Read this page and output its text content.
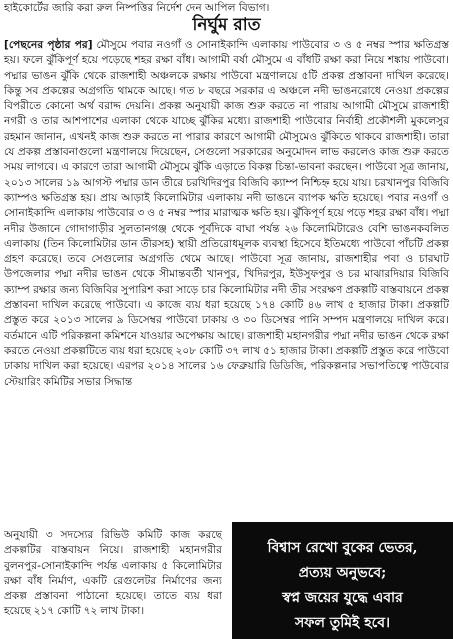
হাইকোর্টের জারি করা রুল নিষ্পত্তির নির্দেশ দেন আপিল বিভাগ।
নির্ঘুম রাত

[পেছনের পৃষ্ঠার পর] মৌসুমে পবার নওগাঁ ও সোনাইকান্দি এলাকায় পাউবোর ৩ ও ৫ নম্বর স্পার ক্ষতিগ্রস্ত হয়। ফলে ঝুঁকিপূর্ণ হয়ে পড়েছে শহর রক্ষা বাঁধ। আগামী বর্ষা মৌসুমে এ বাঁধটি রক্ষা করা নিয়ে শঙ্কায় পাউবো। পদ্মার ভাঙন ঝুঁকি থেকে রাজশাহী অঞ্চলকে রক্ষায় পাউবো মন্ত্রণালয়ে ৫টি প্রকল্প প্রস্তাবনা দাখিল করেছে। কিন্তু সব প্রকল্পের অগ্রগতি থামকে আছে। গত ৮ বছরে সরকার এ অঞ্চলে নদী ভাঙনরোধে নেওয়া প্রকল্পের বিপরীতে কোনো অর্থ বরাদ্দ দেয়নি। প্রকল্প অনুযায়ী কাজ শুরু করতে না পারায় আগামী মৌসুমে রাজশাহী নগরী ও তার আশপাশের এলাকা থেকে যাচ্ছে ঝুঁকির মধ্যে। রাজশাহী পাউবোর নির্বাহী প্রকৌশলী মুকলেসুর রহমান জানান, এখনই কাজ শুরু করতে না পারার কারণে আগামী মৌসুমেও ঝুঁকিতে থাকবে রাজশাহী। তারা যে প্রকল্প প্রস্তাবনাগুলো মন্ত্রণালয়ে দিয়েছেন, সেগুলো সরকারের অনুমোদন লাভ করলেও কাজ শুরু করতে সময় লাগবে। এ কারণে তারা আগামী মৌসুমে ঝুঁকি এড়াতে বিকল্প চিন্তা-ভাবনা করছেন। পাউবো সূত্র জানায়, ২০১৩ সালের ১৯ আগস্ট পদ্মার ডান তীরে চরখিদিরপুর বিজিবি ক্যাম্প নিশ্চিহ্ন হয়ে যায়। চরখানপুর বিজিবি ক্যাম্পও ক্ষতিগ্রস্ত হয়। প্রায় আড়াই কিলোমিটার এলাকায় নদী ভাঙনে ব্যাপক ক্ষতি হয়েছে। পবার নওগাঁ ও সোনাইকান্দি এলাকায় পাউবোর ৩ ও ৫ নম্বর স্পার মারাত্মক ক্ষতি হয়। ঝুঁকিপূর্ণ হয়ে পড়ে শহর রক্ষা বাঁধ। পদ্মা নদীর উজানে গোদাগাড়ীর সুলতানগঞ্জ থেকে পূর্বদিকে বাঘা পর্যন্ত ২৬ কিলোমিটারেও বেশি ভাঙনকবলিত এলাকায় (তিন কিলোমিটার ডান তীরসহ) স্থায়ী প্রতিরোধমূলক ব্যবস্থা হিসেবে ইতিমধ্যে পাউবো পাঁচটি প্রকল্প গ্রহণ করেছে। তবে সেগুলোর অগ্রগতি থেমে আছে। পাউবো সূত্র জানায়, রাজশাহীর পবা ও চারঘাট উপজেলার পদ্মা নদীর ভাঙন থেকে সীমান্তবর্তী খানপুর, খিদিরপুর, ইউসুফপুর ও চর মাঝারদিয়ার বিজিবি ক্যাম্প রক্ষার জন্য বিজিবির সুপারিশ করা সাড়ে চার কিলোমিটার নদী তীর সংরক্ষণ প্রকল্পটি বাস্তবায়নে প্রকল্প প্রস্তাবনা দাখিল করেছে পাউবো। এ কাজে ব্যয় ধরা হয়েছে ১৭৪ কোটি ৪৬ লাখ ৫ হাজার টাকা। প্রকল্পটি প্রস্তুত করে ২০১৩ সালের ৯ ডিসেম্বর পাউবো ঢাকায় ও ৩০ ডিসেম্বর পানি সম্পদ মন্ত্রণালয়ে দাখিল করে। বর্তমানে এটি পরিকল্পনা কমিশনে যাওয়ার অপেক্ষায় আছে। রাজশাহী মহানগরীর পদ্মা নদীর ভাঙন থেকে রক্ষা করতে নেওয়া প্রকল্পটিতে ব্যয় ধরা হয়েছে ২০৮ কোটি ৩৭ লাখ ৫১ হাজার টাকা। প্রকল্পটি প্রস্তুত করে পাউবো ঢাকায় দাখিল করা হয়েছে। এরপর ২০১৪ সালের ১৬ ফেব্রুয়ারি ডিডিজি, পরিকল্পনার সভাপতিত্বে পাউবোর স্টেয়ারিং কমিটির সভার সিদ্ধান্ত

অনুযায়ী ৩ সদস্যের রিভিউ কমিটি কাজ করছে প্রকল্পটির বাস্তবায়ন নিয়ে। রাজশাহী মহানগরীর বুলনপুর-সোনাইকান্দি পর্যন্ত এলাকায় ৫ কিলোমিটার রক্ষা বাঁধ নির্মাণ, একটি রেগুলেটর নির্মাণের জন্য প্রকল্প প্রস্তাবনা পাঠানো হয়েছে। তাতে ব্যয় ধরা হয়েছে ২১৭ কোটি ৭২ লাখ টাকা।

বিশ্বাস রেখো বুকের ভেতর,
প্রত্যয় অনুভবে;
স্বপ্ন জয়ের যুদ্ধে এবার
সফল তুমিই হবে।
